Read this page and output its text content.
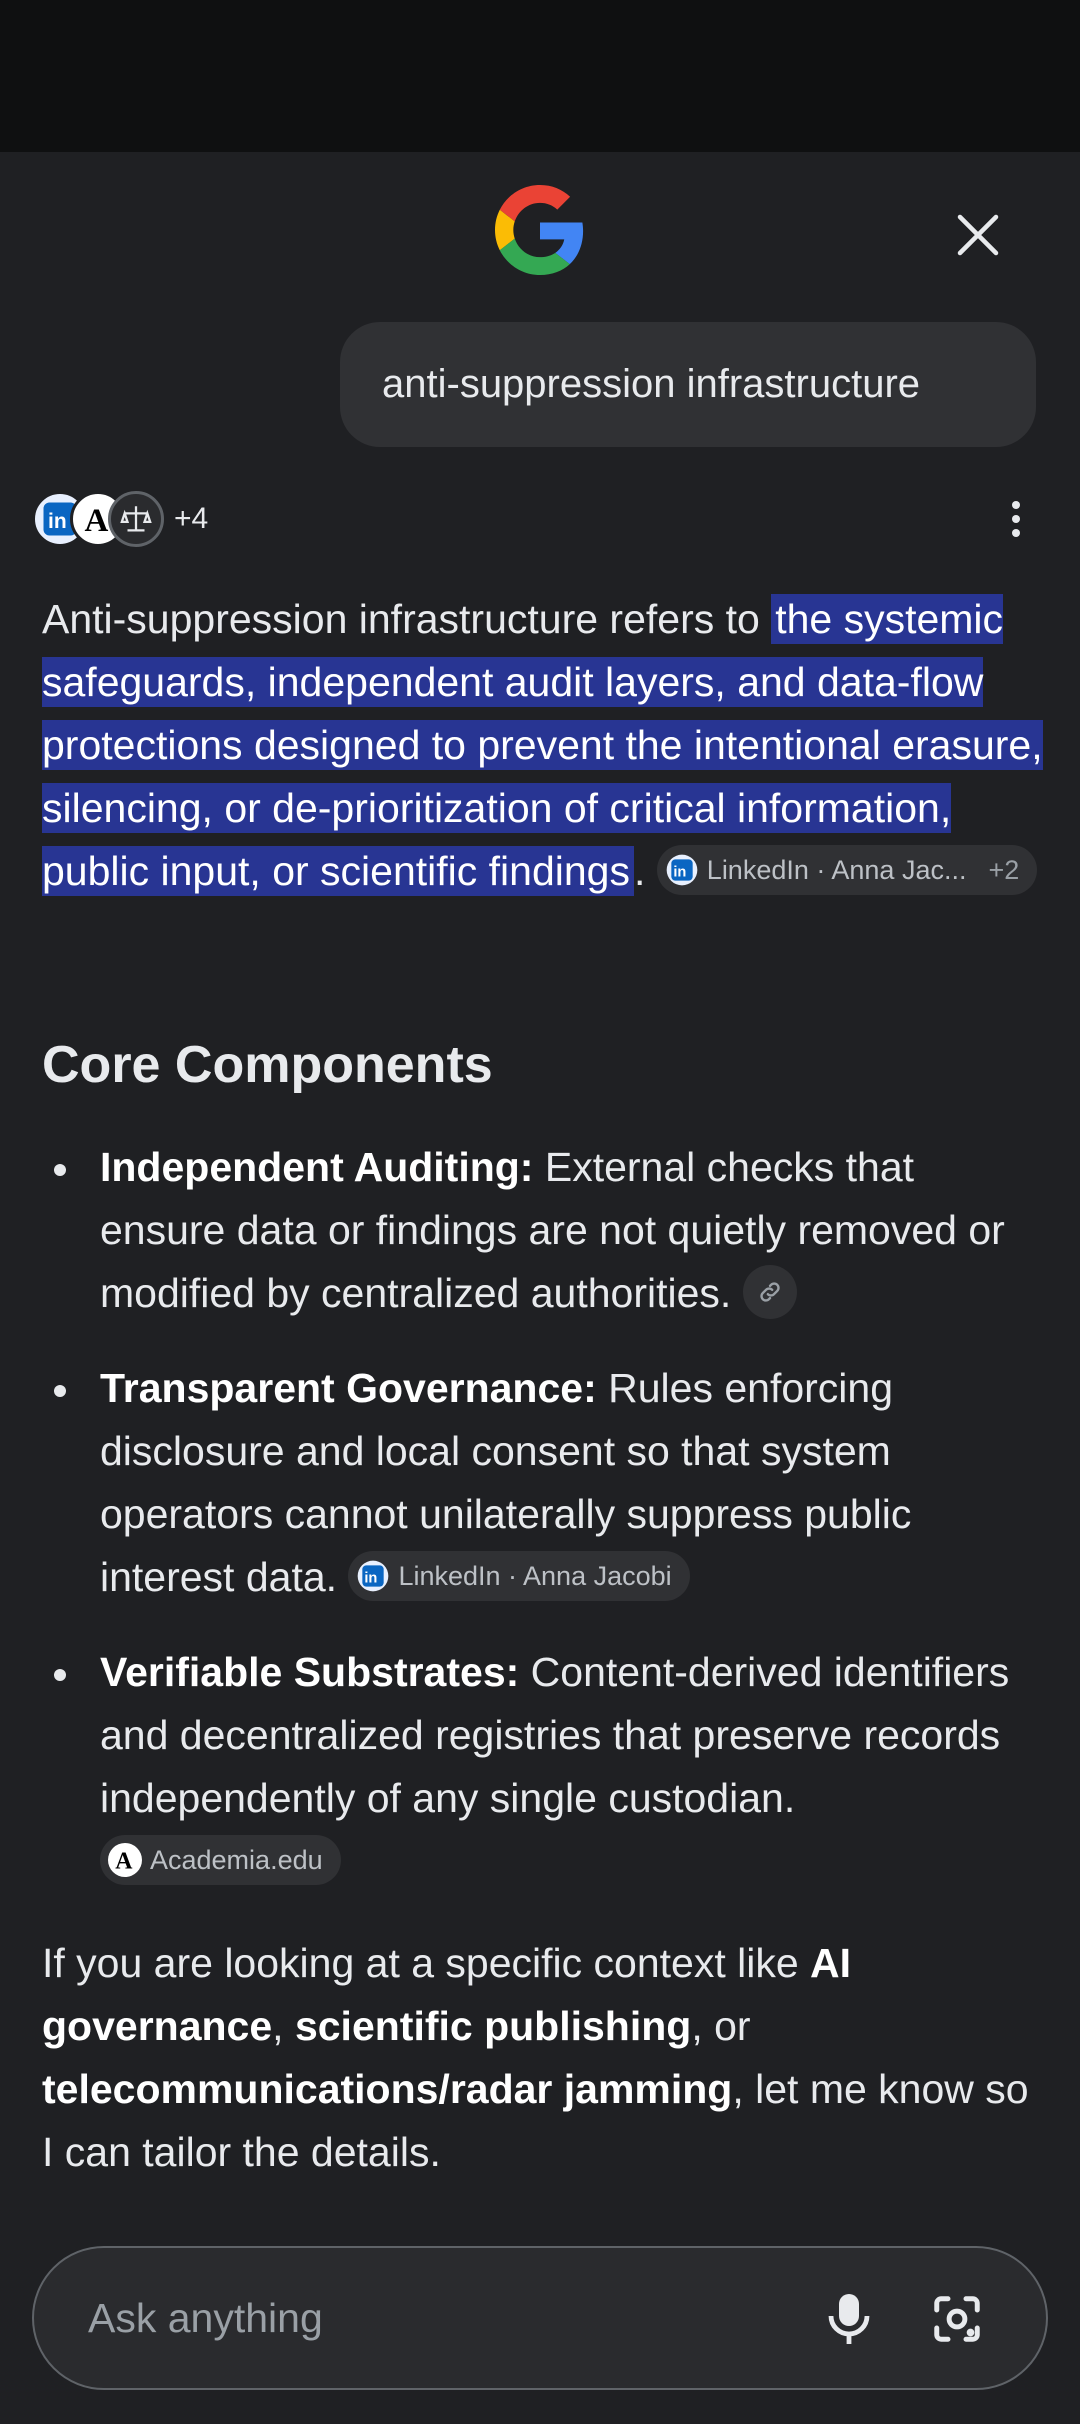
anti-suppression infrastructure
in A +4

Anti-suppression infrastructure refers to the systemic safeguards, independent audit layers, and data-flow protections designed to prevent the intentional erasure, silencing, or de-prioritization of critical information, public input, or scientific findings.	in LinkedIn · Anna Jac... +2

Core Components
Independent Auditing: External checks that ensure data or findings are not quietly removed or modified by centralized authorities.
Transparent Governance: Rules enforcing disclosure and local consent so that system operators cannot unilaterally suppress public interest data.	in LinkedIn · Anna Jacobi
Verifiable Substrates: Content-derived identifiers and decentralized registries that preserve records independently of any single custodian.
A Academia.edu

If you are looking at a specific context like AI governance, scientific publishing, or telecommunications/radar jamming, let me know so I can tailor the details.

Ask anything
